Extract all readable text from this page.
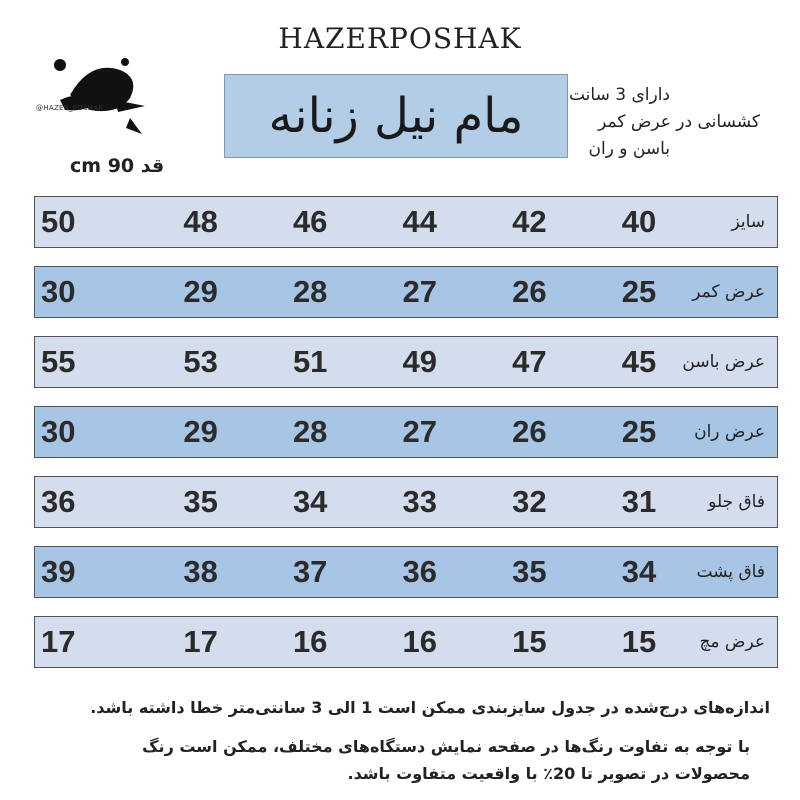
HAZERPOSHAK
@HAZER_POSHAK	مام نیل زنانه	دارای 3 سانت
کشسانی در عرض کمر
باسن و ران
قد 90 cm
سایز
40
42
44
46
48
50
عرض کمر
25
26
27
28
29
30
عرض باسن
45
47
49
51
53
55
عرض ران
25
26
27
28
29
30
فاق جلو
31
32
33
34
35
36
فاق پشت
34
35
36
37
38
39
عرض مچ
15
15
16
16
17
17

اندازه‌های درج‌شده در جدول سایزبندی ممکن است 1 الی 3 سانتی‌متر خطا داشته باشد.

با توجه به تفاوت رنگ‌ها در صفحه نمایش دستگاه‌های مختلف، ممکن است رنگ
محصولات در تصویر تا 20٪ با واقعیت متفاوت باشد.
